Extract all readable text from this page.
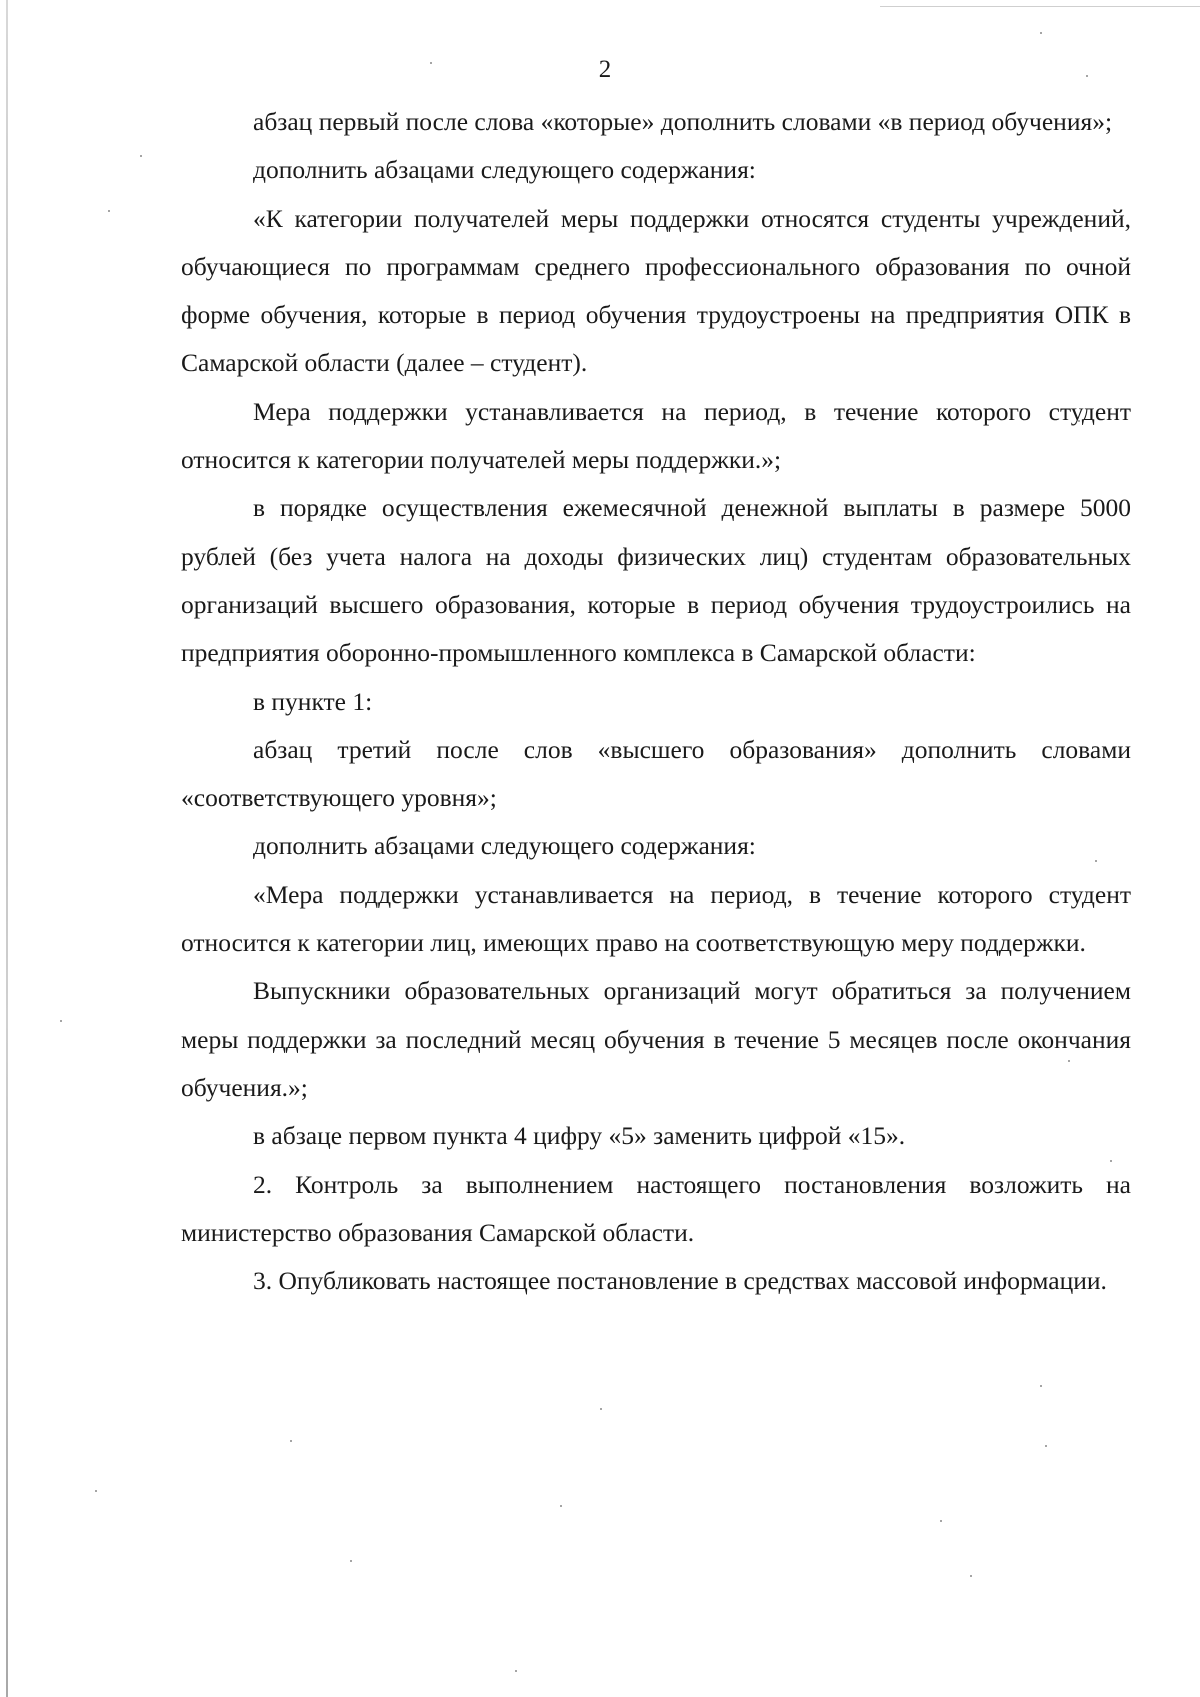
2

абзац первый после слова «которые» дополнить словами «в период обучения»;

дополнить абзацами следующего содержания:

«К категории получателей меры поддержки относятся студенты учреждений, обучающиеся по программам среднего профессионального образования по очной форме обучения, которые в период обучения трудоустроены на предприятия ОПК в Самарской области (далее – студент).

Мера поддержки устанавливается на период, в течение которого студент относится к категории получателей меры поддержки.»;

в порядке осуществления ежемесячной денежной выплаты в размере 5000 рублей (без учета налога на доходы физических лиц) студентам образовательных организаций высшего образования, которые в период обучения трудоустроились на предприятия оборонно-промышленного комплекса в Самарской области:

в пункте 1:

абзац третий после слов «высшего образования» дополнить словами «соответствующего уровня»;

дополнить абзацами следующего содержания:

«Мера поддержки устанавливается на период, в течение которого студент относится к категории лиц, имеющих право на соответствующую меру поддержки.

Выпускники образовательных организаций могут обратиться за получением меры поддержки за последний месяц обучения в течение 5 месяцев после окончания обучения.»;

в абзаце первом пункта 4 цифру «5» заменить цифрой «15».

2. Контроль за выполнением настоящего постановления возложить на министерство образования Самарской области.

3. Опубликовать настоящее постановление в средствах массовой информации.
